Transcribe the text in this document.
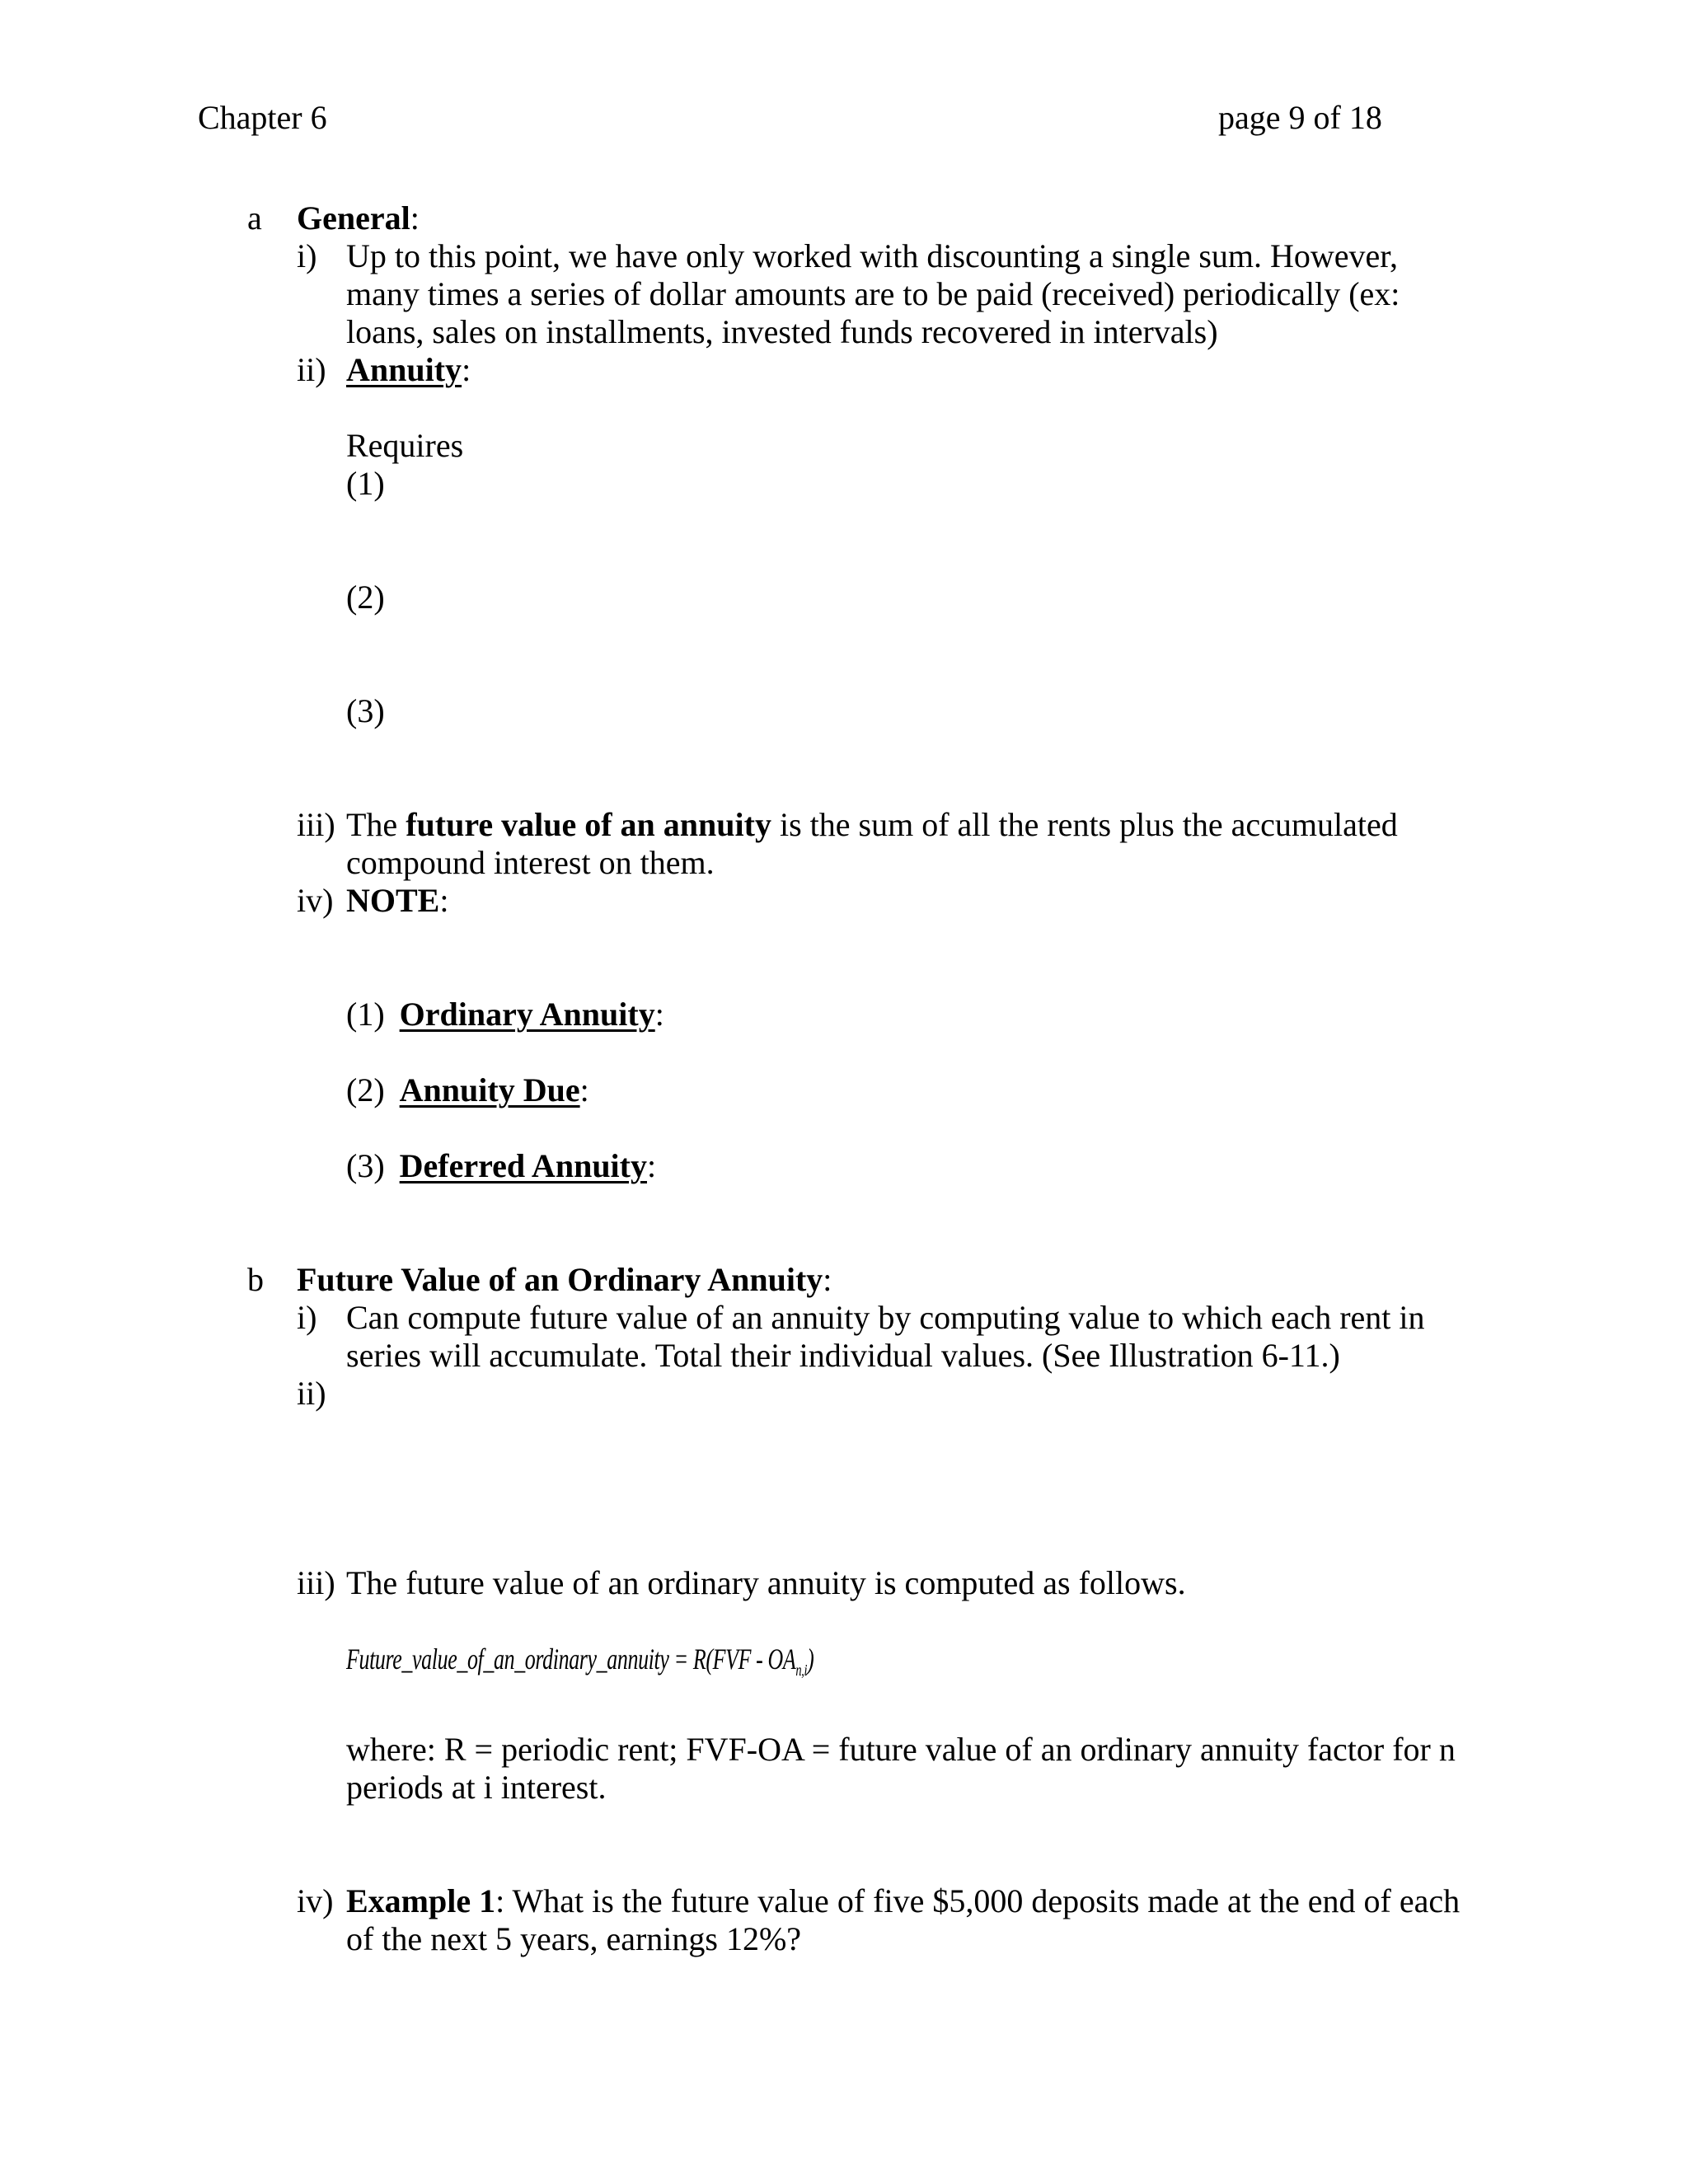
Chapter 6	page 9 of 18
a General:
i) Up to this point, we have only worked with discounting a single sum. However,
many times a series of dollar amounts are to be paid (received) periodically (ex:
loans, sales on installments, invested funds recovered in intervals)
ii) Annuity:
Requires
(1)
(2)
(3)
iii) The future value of an annuity is the sum of all the rents plus the accumulated
compound interest on them.
iv) NOTE:
(1) Ordinary Annuity:
(2) Annuity Due:
(3) Deferred Annuity:
b Future Value of an Ordinary Annuity:
i) Can compute future value of an annuity by computing value to which each rent in
series will accumulate. Total their individual values. (See Illustration 6-11.)
ii)
iii) The future value of an ordinary annuity is computed as follows.
Future_value_of_an_ordinary_annuity = $R(FVF - OA_{n,i})$
where: R = periodic rent; FVF-OA = future value of an ordinary annuity factor for n
periods at i interest.
iv) Example 1: What is the future value of five $5,000 deposits made at the end of each
of the next 5 years, earnings 12%?
